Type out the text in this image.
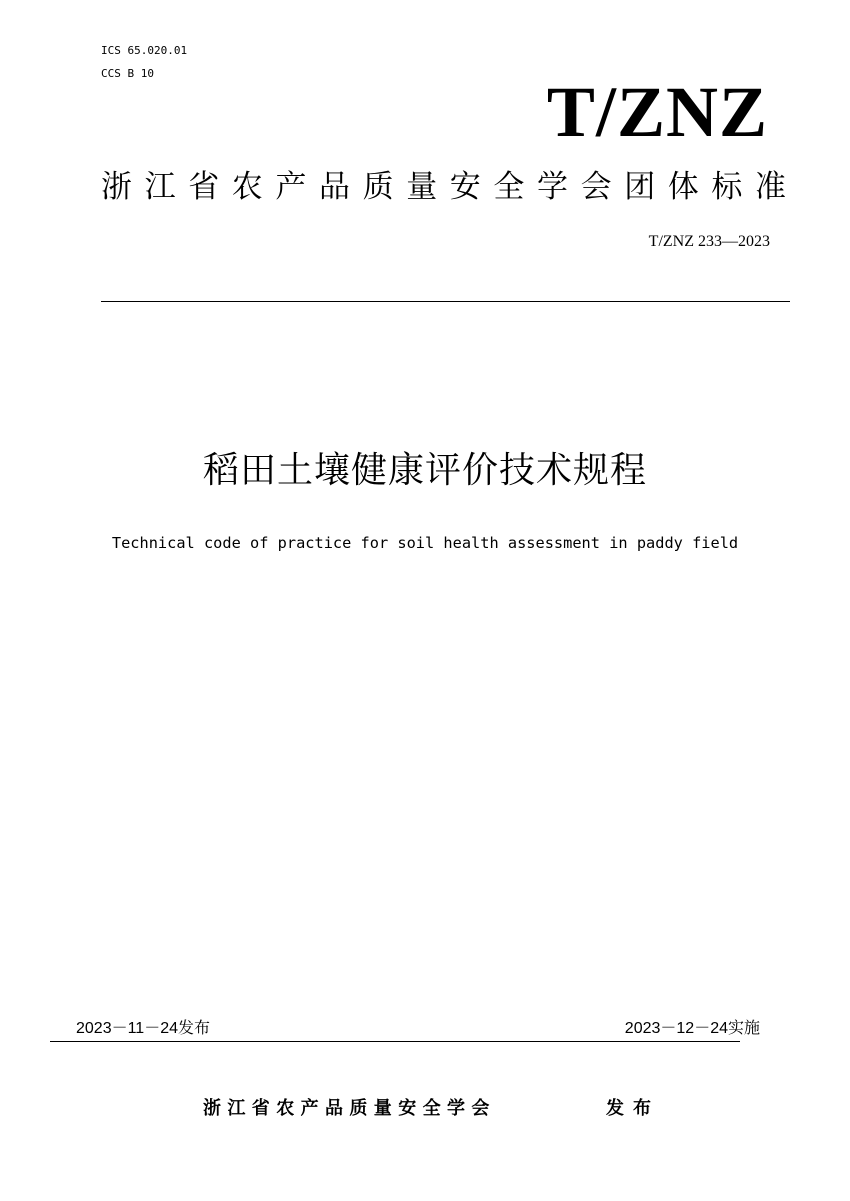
ICS 65.020.01
CCS B 10	T/ZNZ
浙江省农产品质量安全学会团体标准
T/ZNZ 233—2023
稻田土壤健康评价技术规程
Technical code of practice for soil health assessment in paddy field
2023－11－24发布	2023－12－24实施
浙江省农产品质量安全学会	发布
